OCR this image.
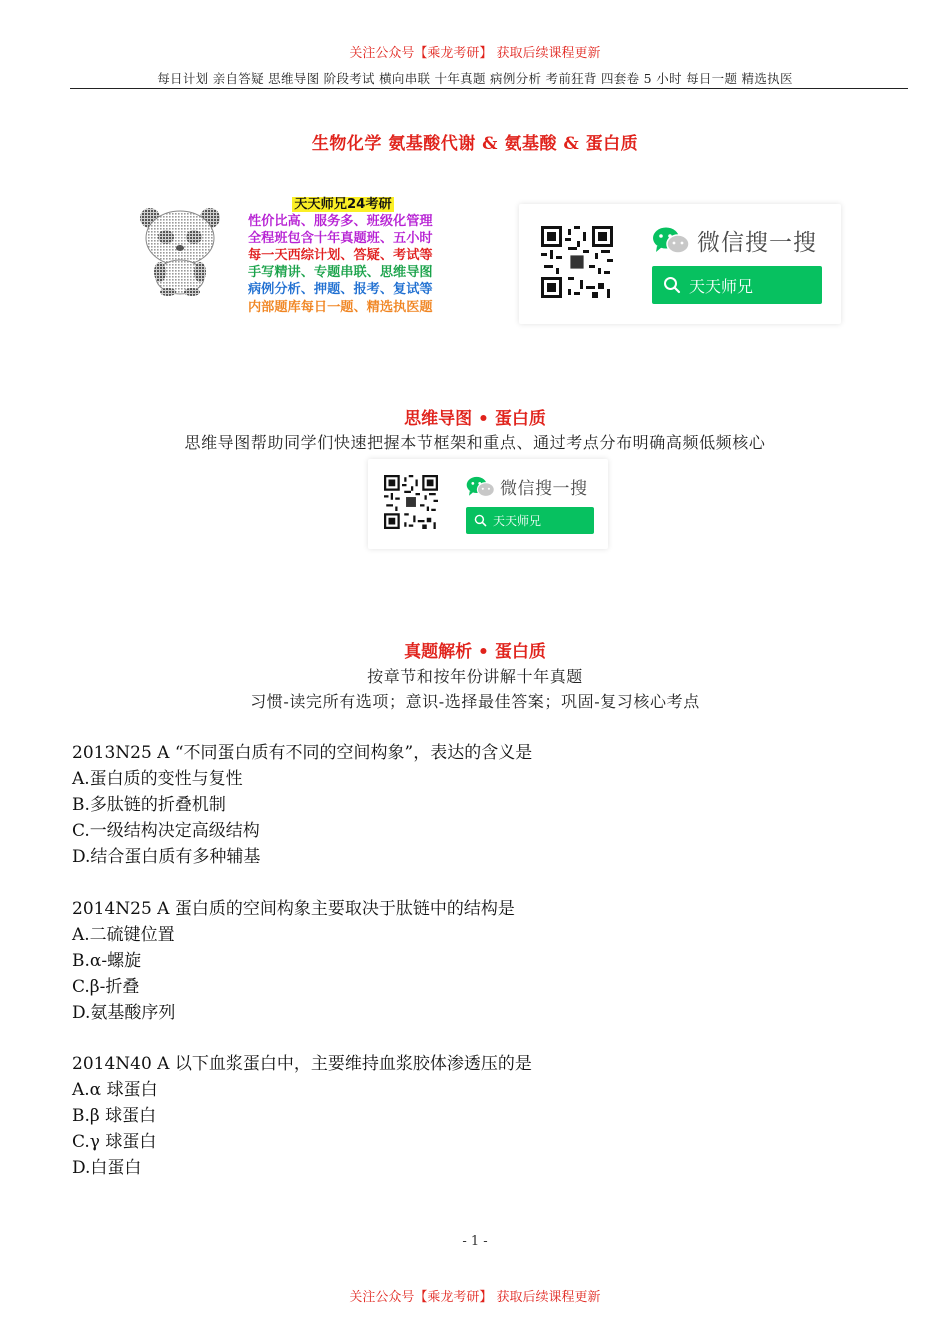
关注公众号【乘龙考研】 获取后续课程更新
每日计划 亲自答疑 思维导图 阶段考试 横向串联 十年真题 病例分析 考前狂背 四套卷 5 小时 每日一题 精选执医
生物化学 氨基酸代谢 & 氨基酸 & 蛋白质
天天师兄24考研
性价比高、服务多、班级化管理
全程班包含十年真题班、五小时
每一天西综计划、答疑、考试等
手写精讲、专题串联、思维导图
病例分析、押题、报考、复试等
内部题库每日一题、精选执医题
微信搜一搜
天天师兄
思维导图 • 蛋白质
思维导图帮助同学们快速把握本节框架和重点、通过考点分布明确高频低频核心
微信搜一搜
天天师兄
真题解析 • 蛋白质
按章节和按年份讲解十年真题
习惯-读完所有选项；意识-选择最佳答案；巩固-复习核心考点
2013N25 A “不同蛋白质有不同的空间构象”，表达的含义是
A.蛋白质的变性与复性
B.多肽链的折叠机制
C.一级结构决定高级结构
D.结合蛋白质有多种辅基
2014N25 A 蛋白质的空间构象主要取决于肽链中的结构是
A.二硫键位置
B.α-螺旋
C.β-折叠
D.氨基酸序列
2014N40 A 以下血浆蛋白中，主要维持血浆胶体渗透压的是
A.α 球蛋白
B.β 球蛋白
C.γ 球蛋白
D.白蛋白
- 1 -
关注公众号【乘龙考研】 获取后续课程更新
